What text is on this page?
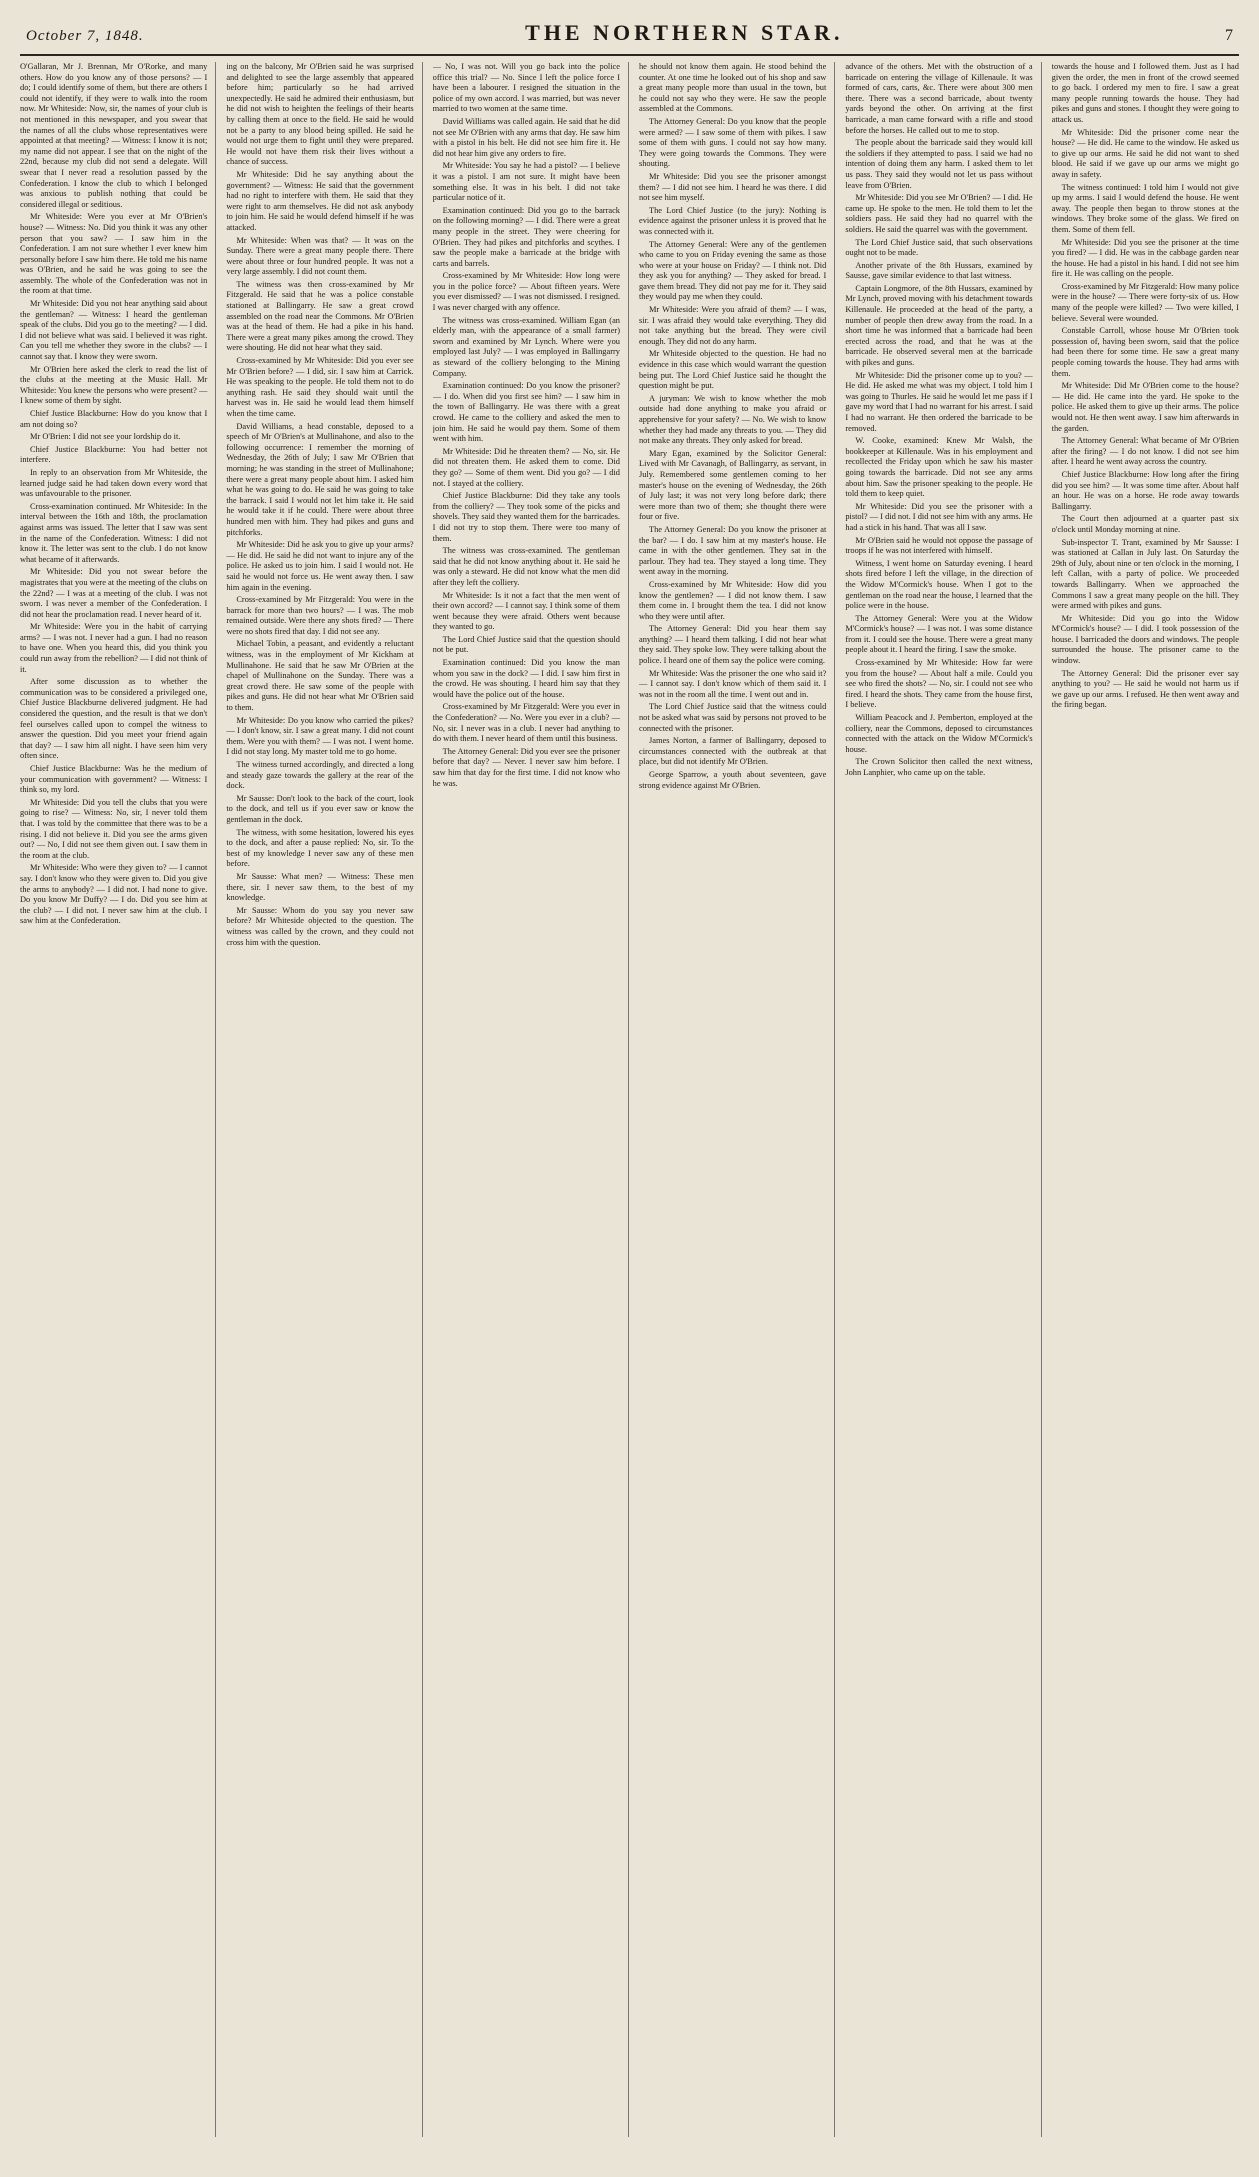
October 7, 1848.	THE NORTHERN STAR.	7

O'Gallaran, Mr J. Brennan, Mr O'Rorke, and many others. How do you know any of those persons? — I do; I could identify some of them, but there are others I could not identify, if they were to walk into the room now. Mr Whiteside: Now, sir, the names of your club is not mentioned in this newspaper, and you swear that the names of all the clubs whose representatives were appointed at that meeting? — Witness: I know it is not; my name did not appear. I see that on the night of the 22nd, because my club did not send a delegate. Will swear that I never read a resolution passed by the Confederation. I know the club to which I belonged was anxious to publish nothing that could be considered illegal or seditious.

Mr Whiteside: Were you ever at Mr O'Brien's house? — Witness: No. Did you think it was any other person that you saw? — I saw him in the Confederation. I am not sure whether I ever knew him personally before I saw him there. He told me his name was O'Brien, and he said he was going to see the assembly. The whole of the Confederation was not in the room at that time.

Mr Whiteside: Did you not hear anything said about the gentleman? — Witness: I heard the gentleman speak of the clubs. Did you go to the meeting? — I did. I did not believe what was said. I believed it was right. Can you tell me whether they swore in the clubs? — I cannot say that. I know they were sworn.

Mr O'Brien here asked the clerk to read the list of the clubs at the meeting at the Music Hall. Mr Whiteside: You knew the persons who were present? — I knew some of them by sight.

Chief Justice Blackburne: How do you know that I am not doing so?

Mr O'Brien: I did not see your lordship do it.

Chief Justice Blackburne: You had better not interfere.

In reply to an observation from Mr Whiteside, the learned judge said he had taken down every word that was unfavourable to the prisoner.

Cross-examination continued. Mr Whiteside: In the interval between the 16th and 18th, the proclamation against arms was issued. The letter that I saw was sent in the name of the Confederation. Witness: I did not know it. The letter was sent to the club. I do not know what became of it afterwards.

Mr Whiteside: Did you not swear before the magistrates that you were at the meeting of the clubs on the 22nd? — I was at a meeting of the club. I was not sworn. I was never a member of the Confederation. I did not hear the proclamation read. I never heard of it.

Mr Whiteside: Were you in the habit of carrying arms? — I was not. I never had a gun. I had no reason to have one. When you heard this, did you think you could run away from the rebellion? — I did not think of it.

After some discussion as to whether the communication was to be considered a privileged one, Chief Justice Blackburne delivered judgment. He had considered the question, and the result is that we don't feel ourselves called upon to compel the witness to answer the question. Did you meet your friend again that day? — I saw him all night. I have seen him very often since.

Chief Justice Blackburne: Was he the medium of your communication with government? — Witness: I think so, my lord.

Mr Whiteside: Did you tell the clubs that you were going to rise? — Witness: No, sir, I never told them that. I was told by the committee that there was to be a rising. I did not believe it. Did you see the arms given out? — No, I did not see them given out. I saw them in the room at the club.

Mr Whiteside: Who were they given to? — I cannot say. I don't know who they were given to. Did you give the arms to anybody? — I did not. I had none to give. Do you know Mr Duffy? — I do. Did you see him at the club? — I did not. I never saw him at the club. I saw him at the Confederation.

ing on the balcony, Mr O'Brien said he was surprised and delighted to see the large assembly that appeared before him; particularly so he had arrived unexpectedly. He said he admired their enthusiasm, but he did not wish to heighten the feelings of their hearts by calling them at once to the field. He said he would not be a party to any blood being spilled. He said he would not urge them to fight until they were prepared. He would not have them risk their lives without a chance of success.

Mr Whiteside: Did he say anything about the government? — Witness: He said that the government had no right to interfere with them. He said that they were right to arm themselves. He did not ask anybody to join him. He said he would defend himself if he was attacked.

Mr Whiteside: When was that? — It was on the Sunday. There were a great many people there. There were about three or four hundred people. It was not a very large assembly. I did not count them.

The witness was then cross-examined by Mr Fitzgerald. He said that he was a police constable stationed at Ballingarry. He saw a great crowd assembled on the road near the Commons. Mr O'Brien was at the head of them. He had a pike in his hand. There were a great many pikes among the crowd. They were shouting. He did not hear what they said.

Cross-examined by Mr Whiteside: Did you ever see Mr O'Brien before? — I did, sir. I saw him at Carrick. He was speaking to the people. He told them not to do anything rash. He said they should wait until the harvest was in. He said he would lead them himself when the time came.

David Williams, a head constable, deposed to a speech of Mr O'Brien's at Mullinahone, and also to the following occurrence: I remember the morning of Wednesday, the 26th of July; I saw Mr O'Brien that morning; he was standing in the street of Mullinahone; there were a great many people about him. I asked him what he was going to do. He said he was going to take the barrack. I said I would not let him take it. He said he would take it if he could. There were about three hundred men with him. They had pikes and guns and pitchforks.

Mr Whiteside: Did he ask you to give up your arms? — He did. He said he did not want to injure any of the police. He asked us to join him. I said I would not. He said he would not force us. He went away then. I saw him again in the evening.

Cross-examined by Mr Fitzgerald: You were in the barrack for more than two hours? — I was. The mob remained outside. Were there any shots fired? — There were no shots fired that day. I did not see any.

Michael Tobin, a peasant, and evidently a reluctant witness, was in the employment of Mr Kickham at Mullinahone. He said that he saw Mr O'Brien at the chapel of Mullinahone on the Sunday. There was a great crowd there. He saw some of the people with pikes and guns. He did not hear what Mr O'Brien said to them.

Mr Whiteside: Do you know who carried the pikes? — I don't know, sir. I saw a great many. I did not count them. Were you with them? — I was not. I went home. I did not stay long. My master told me to go home.

The witness turned accordingly, and directed a long and steady gaze towards the gallery at the rear of the dock.

Mr Sausse: Don't look to the back of the court, look to the dock, and tell us if you ever saw or know the gentleman in the dock.

The witness, with some hesitation, lowered his eyes to the dock, and after a pause replied: No, sir. To the best of my knowledge I never saw any of these men before.

Mr Sausse: What men? — Witness: These men there, sir. I never saw them, to the best of my knowledge.

Mr Sausse: Whom do you say you never saw before? Mr Whiteside objected to the question. The witness was called by the crown, and they could not cross him with the question.

— No, I was not. Will you go back into the police office this trial? — No. Since I left the police force I have been a labourer. I resigned the situation in the police of my own accord. I was married, but was never married to two women at the same time.

David Williams was called again. He said that he did not see Mr O'Brien with any arms that day. He saw him with a pistol in his belt. He did not see him fire it. He did not hear him give any orders to fire.

Mr Whiteside: You say he had a pistol? — I believe it was a pistol. I am not sure. It might have been something else. It was in his belt. I did not take particular notice of it.

Examination continued: Did you go to the barrack on the following morning? — I did. There were a great many people in the street. They were cheering for O'Brien. They had pikes and pitchforks and scythes. I saw the people make a barricade at the bridge with carts and barrels.

Cross-examined by Mr Whiteside: How long were you in the police force? — About fifteen years. Were you ever dismissed? — I was not dismissed. I resigned. I was never charged with any offence.

The witness was cross-examined. William Egan (an elderly man, with the appearance of a small farmer) sworn and examined by Mr Lynch. Where were you employed last July? — I was employed in Ballingarry as steward of the colliery belonging to the Mining Company.

Examination continued: Do you know the prisoner? — I do. When did you first see him? — I saw him in the town of Ballingarry. He was there with a great crowd. He came to the colliery and asked the men to join him. He said he would pay them. Some of them went with him.

Mr Whiteside: Did he threaten them? — No, sir. He did not threaten them. He asked them to come. Did they go? — Some of them went. Did you go? — I did not. I stayed at the colliery.

Chief Justice Blackburne: Did they take any tools from the colliery? — They took some of the picks and shovels. They said they wanted them for the barricades. I did not try to stop them. There were too many of them.

The witness was cross-examined. The gentleman said that he did not know anything about it. He said he was only a steward. He did not know what the men did after they left the colliery.

Mr Whiteside: Is it not a fact that the men went of their own accord? — I cannot say. I think some of them went because they were afraid. Others went because they wanted to go.

The Lord Chief Justice said that the question should not be put.

Examination continued: Did you know the man whom you saw in the dock? — I did. I saw him first in the crowd. He was shouting. I heard him say that they would have the police out of the house.

Cross-examined by Mr Fitzgerald: Were you ever in the Confederation? — No. Were you ever in a club? — No, sir. I never was in a club. I never had anything to do with them. I never heard of them until this business.

The Attorney General: Did you ever see the prisoner before that day? — Never. I never saw him before. I saw him that day for the first time. I did not know who he was.

he should not know them again. He stood behind the counter. At one time he looked out of his shop and saw a great many people more than usual in the town, but he could not say who they were. He saw the people assembled at the Commons.

The Attorney General: Do you know that the people were armed? — I saw some of them with pikes. I saw some of them with guns. I could not say how many. They were going towards the Commons. They were shouting.

Mr Whiteside: Did you see the prisoner amongst them? — I did not see him. I heard he was there. I did not see him myself.

The Lord Chief Justice (to the jury): Nothing is evidence against the prisoner unless it is proved that he was connected with it.

The Attorney General: Were any of the gentlemen who came to you on Friday evening the same as those who were at your house on Friday? — I think not. Did they ask you for anything? — They asked for bread. I gave them bread. They did not pay me for it. They said they would pay me when they could.

Mr Whiteside: Were you afraid of them? — I was, sir. I was afraid they would take everything. They did not take anything but the bread. They were civil enough. They did not do any harm.

Mr Whiteside objected to the question. He had no evidence in this case which would warrant the question being put. The Lord Chief Justice said he thought the question might be put.

A juryman: We wish to know whether the mob outside had done anything to make you afraid or apprehensive for your safety? — No. We wish to know whether they had made any threats to you. — They did not make any threats. They only asked for bread.

Mary Egan, examined by the Solicitor General: Lived with Mr Cavanagh, of Ballingarry, as servant, in July. Remembered some gentlemen coming to her master's house on the evening of Wednesday, the 26th of July last; it was not very long before dark; there were more than two of them; she thought there were four or five.

The Attorney General: Do you know the prisoner at the bar? — I do. I saw him at my master's house. He came in with the other gentlemen. They sat in the parlour. They had tea. They stayed a long time. They went away in the morning.

Cross-examined by Mr Whiteside: How did you know the gentlemen? — I did not know them. I saw them come in. I brought them the tea. I did not know who they were until after.

The Attorney General: Did you hear them say anything? — I heard them talking. I did not hear what they said. They spoke low. They were talking about the police. I heard one of them say the police were coming.

Mr Whiteside: Was the prisoner the one who said it? — I cannot say. I don't know which of them said it. I was not in the room all the time. I went out and in.

The Lord Chief Justice said that the witness could not be asked what was said by persons not proved to be connected with the prisoner.

James Norton, a farmer of Ballingarry, deposed to circumstances connected with the outbreak at that place, but did not identify Mr O'Brien.

George Sparrow, a youth about seventeen, gave strong evidence against Mr O'Brien.

advance of the others. Met with the obstruction of a barricade on entering the village of Killenaule. It was formed of cars, carts, &c. There were about 300 men there. There was a second barricade, about twenty yards beyond the other. On arriving at the first barricade, a man came forward with a rifle and stood before the horses. He called out to me to stop.

The people about the barricade said they would kill the soldiers if they attempted to pass. I said we had no intention of doing them any harm. I asked them to let us pass. They said they would not let us pass without leave from O'Brien.

Mr Whiteside: Did you see Mr O'Brien? — I did. He came up. He spoke to the men. He told them to let the soldiers pass. He said they had no quarrel with the soldiers. He said the quarrel was with the government.

The Lord Chief Justice said, that such observations ought not to be made.

Another private of the 8th Hussars, examined by Sausse, gave similar evidence to that last witness.

Captain Longmore, of the 8th Hussars, examined by Mr Lynch, proved moving with his detachment towards Killenaule. He proceeded at the head of the party, a number of people then drew away from the road. In a short time he was informed that a barricade had been erected across the road, and that he was at the barricade. He observed several men at the barricade with pikes and guns.

Mr Whiteside: Did the prisoner come up to you? — He did. He asked me what was my object. I told him I was going to Thurles. He said he would let me pass if I gave my word that I had no warrant for his arrest. I said I had no warrant. He then ordered the barricade to be removed.

W. Cooke, examined: Knew Mr Walsh, the bookkeeper at Killenaule. Was in his employment and recollected the Friday upon which he saw his master going towards the barricade. Did not see any arms about him. Saw the prisoner speaking to the people. He told them to keep quiet.

Mr Whiteside: Did you see the prisoner with a pistol? — I did not. I did not see him with any arms. He had a stick in his hand. That was all I saw.

Mr O'Brien said he would not oppose the passage of troops if he was not interfered with himself.

Witness, I went home on Saturday evening. I heard shots fired before I left the village, in the direction of the Widow M'Cormick's house. When I got to the gentleman on the road near the house, I learned that the police were in the house.

The Attorney General: Were you at the Widow M'Cormick's house? — I was not. I was some distance from it. I could see the house. There were a great many people about it. I heard the firing. I saw the smoke.

Cross-examined by Mr Whiteside: How far were you from the house? — About half a mile. Could you see who fired the shots? — No, sir. I could not see who fired. I heard the shots. They came from the house first, I believe.

William Peacock and J. Pemberton, employed at the colliery, near the Commons, deposed to circumstances connected with the attack on the Widow M'Cormick's house.

The Crown Solicitor then called the next witness, John Lanphier, who came up on the table.

towards the house and I followed them. Just as I had given the order, the men in front of the crowd seemed to go back. I ordered my men to fire. I saw a great many people running towards the house. They had pikes and guns and stones. I thought they were going to attack us.

Mr Whiteside: Did the prisoner come near the house? — He did. He came to the window. He asked us to give up our arms. He said he did not want to shed blood. He said if we gave up our arms we might go away in safety.

The witness continued: I told him I would not give up my arms. I said I would defend the house. He went away. The people then began to throw stones at the windows. They broke some of the glass. We fired on them. Some of them fell.

Mr Whiteside: Did you see the prisoner at the time you fired? — I did. He was in the cabbage garden near the house. He had a pistol in his hand. I did not see him fire it. He was calling on the people.

Cross-examined by Mr Fitzgerald: How many police were in the house? — There were forty-six of us. How many of the people were killed? — Two were killed, I believe. Several were wounded.

Constable Carroll, whose house Mr O'Brien took possession of, having been sworn, said that the police had been there for some time. He saw a great many people coming towards the house. They had arms with them.

Mr Whiteside: Did Mr O'Brien come to the house? — He did. He came into the yard. He spoke to the police. He asked them to give up their arms. The police would not. He then went away. I saw him afterwards in the garden.

The Attorney General: What became of Mr O'Brien after the firing? — I do not know. I did not see him after. I heard he went away across the country.

Chief Justice Blackburne: How long after the firing did you see him? — It was some time after. About half an hour. He was on a horse. He rode away towards Ballingarry.

The Court then adjourned at a quarter past six o'clock until Monday morning at nine.

Sub-inspector T. Trant, examined by Mr Sausse: I was stationed at Callan in July last. On Saturday the 29th of July, about nine or ten o'clock in the morning, I left Callan, with a party of police. We proceeded towards Ballingarry. When we approached the Commons I saw a great many people on the hill. They were armed with pikes and guns.

Mr Whiteside: Did you go into the Widow M'Cormick's house? — I did. I took possession of the house. I barricaded the doors and windows. The people surrounded the house. The prisoner came to the window.

The Attorney General: Did the prisoner ever say anything to you? — He said he would not harm us if we gave up our arms. I refused. He then went away and the firing began.
